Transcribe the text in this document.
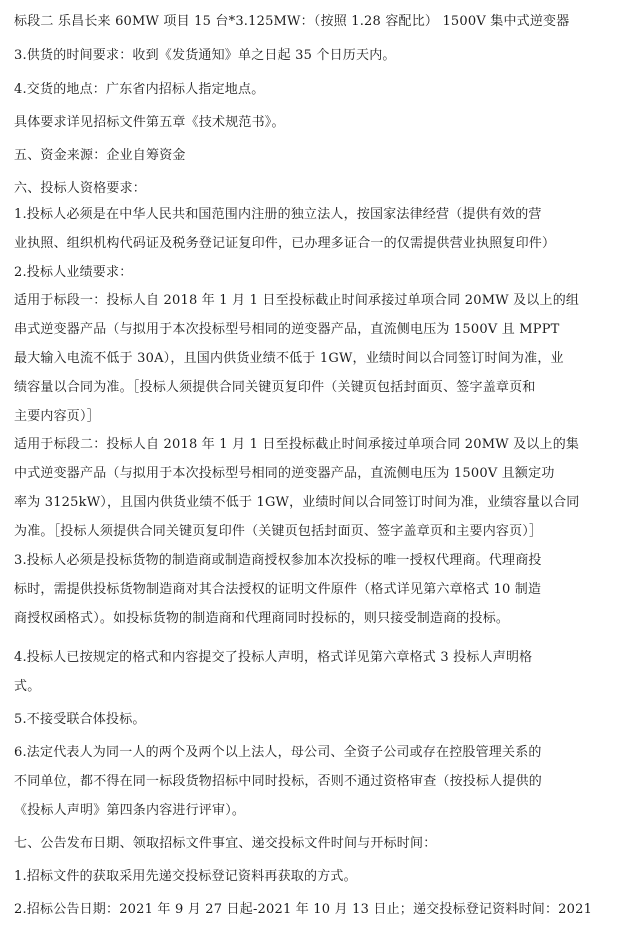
标段二 乐昌长来 60MW 项目 15 台*3.125MW：（按照 1.28 容配比） 1500V 集中式逆变器
3.供货的时间要求：收到《发货通知》单之日起 35 个日历天内。
4.交货的地点：广东省内招标人指定地点。
具体要求详见招标文件第五章《技术规范书》。
五、资金来源：企业自筹资金
六、投标人资格要求：
1.投标人必须是在中华人民共和国范围内注册的独立法人，按国家法律经营（提供有效的营
业执照、组织机构代码证及税务登记证复印件，已办理多证合一的仅需提供营业执照复印件）
2.投标人业绩要求：
适用于标段一：投标人自 2018 年 1 月 1 日至投标截止时间承接过单项合同 20MW 及以上的组
串式逆变器产品（与拟用于本次投标型号相同的逆变器产品，直流侧电压为 1500V 且 MPPT
最大输入电流不低于 30A），且国内供货业绩不低于 1GW，业绩时间以合同签订时间为准，业
绩容量以合同为准。［投标人须提供合同关键页复印件（关键页包括封面页、签字盖章页和
主要内容页）］
适用于标段二：投标人自 2018 年 1 月 1 日至投标截止时间承接过单项合同 20MW 及以上的集
中式逆变器产品（与拟用于本次投标型号相同的逆变器产品，直流侧电压为 1500V 且额定功
率为 3125kW），且国内供货业绩不低于 1GW，业绩时间以合同签订时间为准，业绩容量以合同
为准。［投标人须提供合同关键页复印件（关键页包括封面页、签字盖章页和主要内容页）］
3.投标人必须是投标货物的制造商或制造商授权参加本次投标的唯一授权代理商。代理商投
标时，需提供投标货物制造商对其合法授权的证明文件原件（格式详见第六章格式 10 制造
商授权函格式）。如投标货物的制造商和代理商同时投标的，则只接受制造商的投标。
4.投标人已按规定的格式和内容提交了投标人声明，格式详见第六章格式 3 投标人声明格
式。
5.不接受联合体投标。
6.法定代表人为同一人的两个及两个以上法人，母公司、全资子公司或存在控股管理关系的
不同单位，都不得在同一标段货物招标中同时投标，否则不通过资格审查（按投标人提供的
《投标人声明》第四条内容进行评审）。
七、公告发布日期、领取招标文件事宜、递交投标文件时间与开标时间：
1.招标文件的获取采用先递交投标登记资料再获取的方式。
2.招标公告日期：2021 年 9 月 27 日起-2021 年 10 月 13 日止；递交投标登记资料时间：2021
